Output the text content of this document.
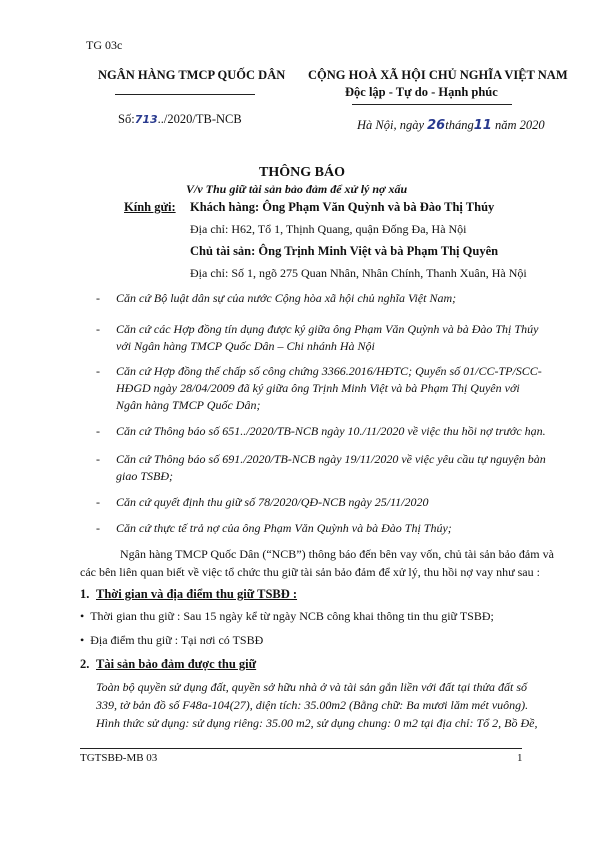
TG 03c
NGÂN HÀNG TMCP QUỐC DÂN
Số:713../2020/TB-NCB
CỘNG HOÀ XÃ HỘI CHỦ NGHĨA VIỆT NAM
Độc lập - Tự do - Hạnh phúc
Hà Nội, ngày 26tháng11 năm 2020
THÔNG BÁO
V/v Thu giữ tài sản bảo đảm để xử lý nợ xấu
Kính gửi: Khách hàng: Ông Phạm Văn Quỳnh và bà Đào Thị Thúy
Địa chỉ: H62, Tổ 1, Thịnh Quang, quận Đống Đa, Hà Nội
Chủ tài sản: Ông Trịnh Minh Việt và bà Phạm Thị Quyên
Địa chỉ: Số 1, ngõ 275 Quan Nhân, Nhân Chính, Thanh Xuân, Hà Nội
- Căn cứ Bộ luật dân sự của nước Cộng hòa xã hội chủ nghĩa Việt Nam;
- Căn cứ các Hợp đồng tín dụng được ký giữa ông Phạm Văn Quỳnh và bà Đào Thị Thúy
với Ngân hàng TMCP Quốc Dân – Chi nhánh Hà Nội
- Căn cứ Hợp đồng thế chấp số công chứng 3366.2016/HĐTC; Quyển số 01/CC-TP/SCC-
HĐGD ngày 28/04/2009 đã ký giữa ông Trịnh Minh Việt và bà Phạm Thị Quyên với
Ngân hàng TMCP Quốc Dân;
- Căn cứ Thông báo số 651../2020/TB-NCB ngày 10./11/2020 về việc thu hồi nợ trước hạn.
- Căn cứ Thông báo số 691./2020/TB-NCB ngày 19/11/2020 về việc yêu cầu tự nguyện bàn
giao TSBĐ;
- Căn cứ quyết định thu giữ số 78/2020/QĐ-NCB ngày 25/11/2020
- Căn cứ thực tế trả nợ của ông Phạm Văn Quỳnh và bà Đào Thị Thúy;
Ngân hàng TMCP Quốc Dân (“NCB”) thông báo đến bên vay vốn, chủ tài sản bảo đảm và
các bên liên quan biết về việc tổ chức thu giữ tài sản bảo đảm để xử lý, thu hồi nợ vay như sau :
1. Thời gian và địa điểm thu giữ TSBĐ :
• Thời gian thu giữ : Sau 15 ngày kể từ ngày NCB công khai thông tin thu giữ TSBĐ;
• Địa điểm thu giữ : Tại nơi có TSBĐ
2. Tài sản bảo đảm được thu giữ
Toàn bộ quyền sử dụng đất, quyền sở hữu nhà ở và tài sản gắn liền với đất tại thửa đất số
339, tờ bản đồ số F48a-104(27), diện tích: 35.00m2 (Bằng chữ: Ba mươi lăm mét vuông).
Hình thức sử dụng: sử dụng riêng: 35.00 m2, sử dụng chung: 0 m2 tại địa chỉ: Tổ 2, Bồ Đề,
TGTSBĐ-MB 03	1
